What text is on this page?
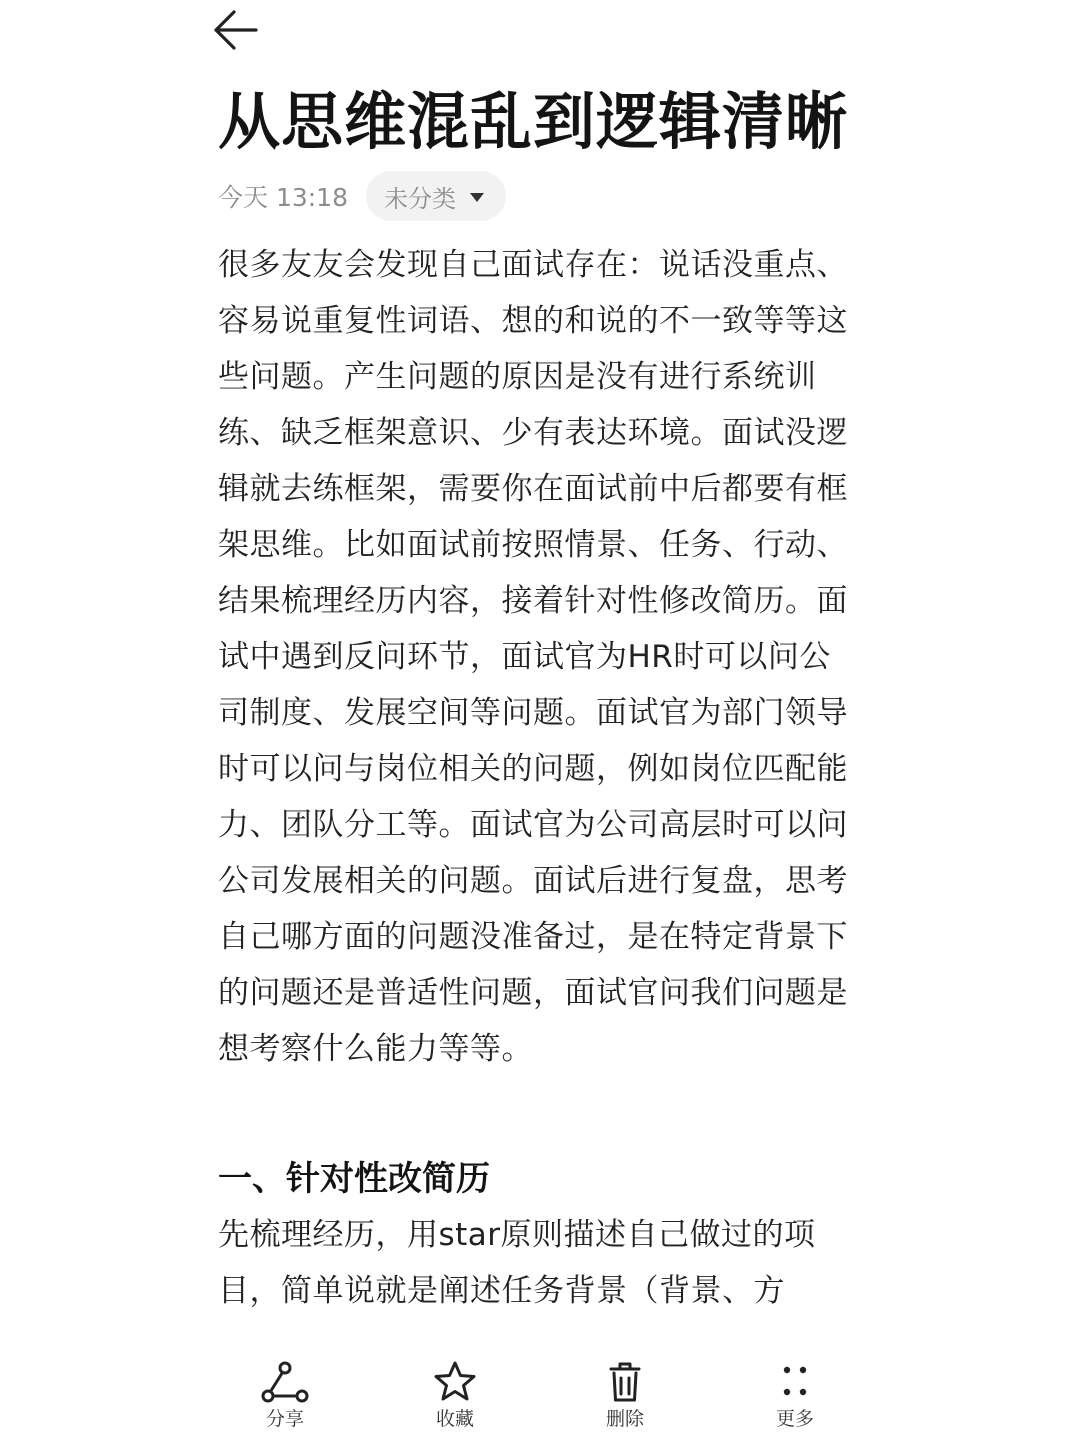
从思维混乱到逻辑清晰
今天 13:18 未分类

很多友友会发现自己面试存在：说话没重点、容易说重复性词语、想的和说的不一致等等这些问题。产生问题的原因是没有进行系统训练、缺乏框架意识、少有表达环境。面试没逻辑就去练框架，需要你在面试前中后都要有框架思维。比如面试前按照情景、任务、行动、结果梳理经历内容，接着针对性修改简历。面试中遇到反问环节，面试官为HR时可以问公司制度、发展空间等问题。面试官为部门领导时可以问与岗位相关的问题，例如岗位匹配能力、团队分工等。面试官为公司高层时可以问公司发展相关的问题。面试后进行复盘，思考自己哪方面的问题没准备过，是在特定背景下的问题还是普适性问题，面试官问我们问题是想考察什么能力等等。

一、针对性改简历

先梳理经历，用star原则描述自己做过的项目，简单说就是阐述任务背景（背景、方

分享	收藏	删除	更多
